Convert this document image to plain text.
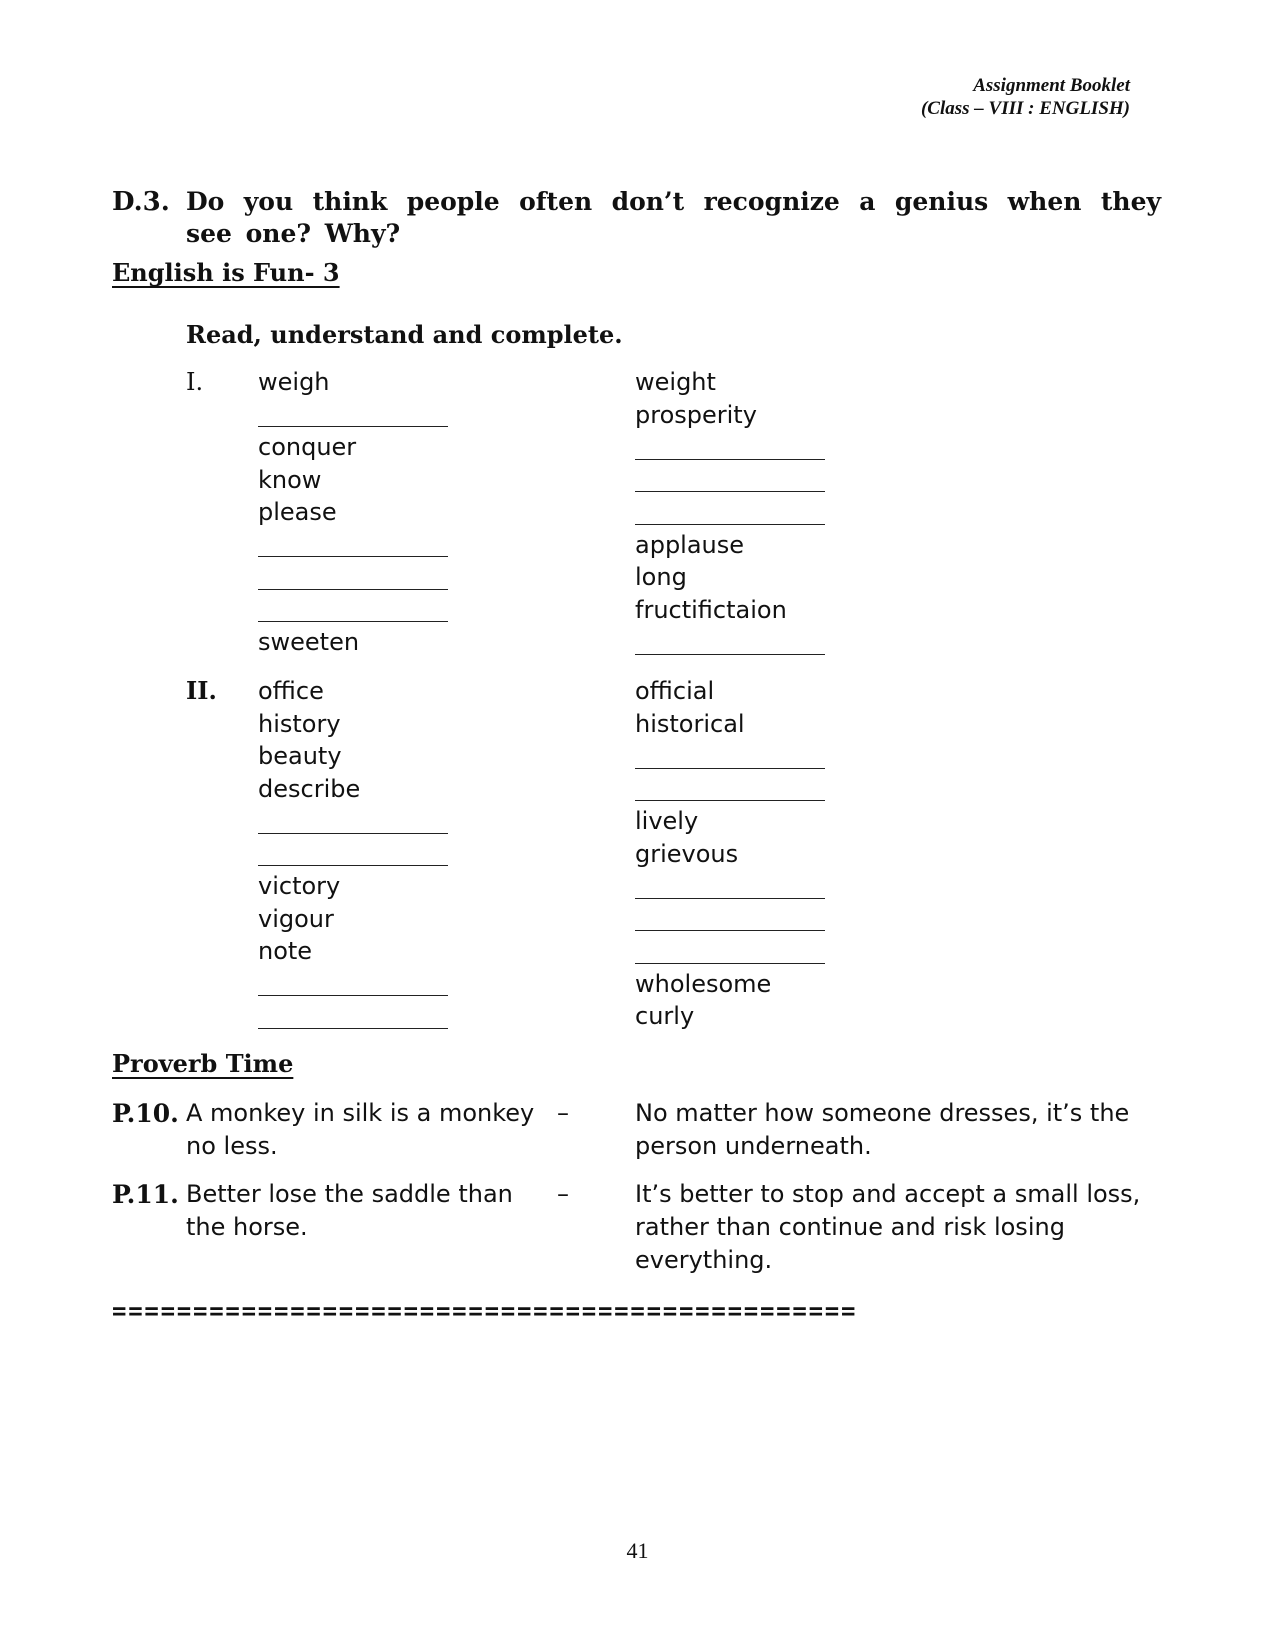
Assignment Booklet
(Class – VIII : ENGLISH)
D.3. Do you think people often don’t recognize a genius when they see one? Why?
English is Fun- 3
Read, understand and complete.
I. weigh
conquer
know
please
sweeten
weight
prosperity
applause
long
fructifictaion
II. office
history
beauty
describe
victory
vigour
note
official
historical
lively
grievous
wholesome
curly
Proverb Time
P.10. A monkey in silk is a monkey no less.
–	No matter how someone dresses, it’s the person underneath.
P.11. Better lose the saddle than the horse.
–	It’s better to stop and accept a small loss, rather than continue and risk losing everything.
==============================================
41
